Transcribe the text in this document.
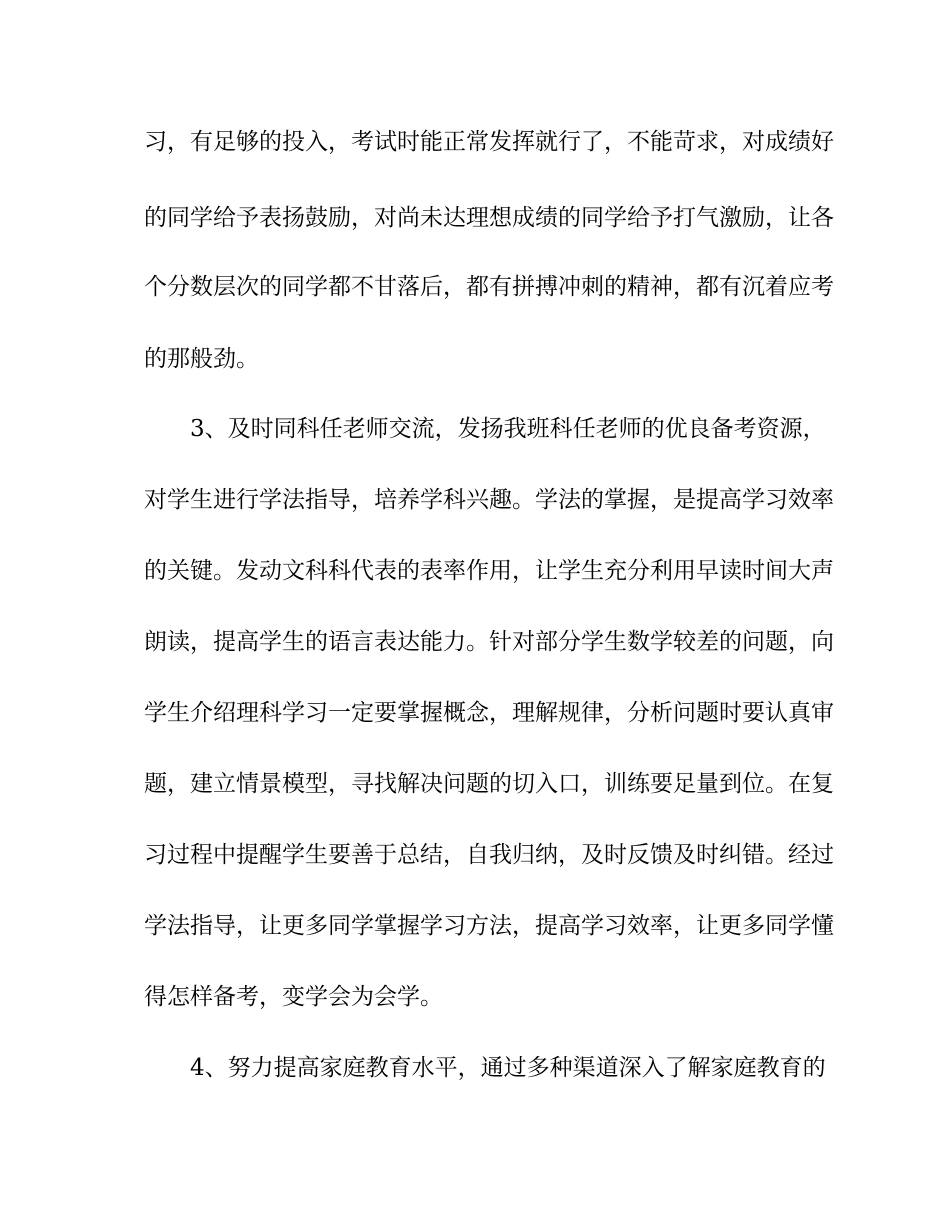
习，有足够的投入，考试时能正常发挥就行了，不能苛求，对成绩好
的同学给予表扬鼓励，对尚未达理想成绩的同学给予打气激励，让各
个分数层次的同学都不甘落后，都有拼搏冲刺的精神，都有沉着应考
的那般劲。
3、及时同科任老师交流，发扬我班科任老师的优良备考资源，
对学生进行学法指导，培养学科兴趣。学法的掌握，是提高学习效率
的关键。发动文科科代表的表率作用，让学生充分利用早读时间大声
朗读，提高学生的语言表达能力。针对部分学生数学较差的问题，向
学生介绍理科学习一定要掌握概念，理解规律，分析问题时要认真审
题，建立情景模型，寻找解决问题的切入口，训练要足量到位。在复
习过程中提醒学生要善于总结，自我归纳，及时反馈及时纠错。经过
学法指导，让更多同学掌握学习方法，提高学习效率，让更多同学懂
得怎样备考，变学会为会学。
4、努力提高家庭教育水平，通过多种渠道深入了解家庭教育的
